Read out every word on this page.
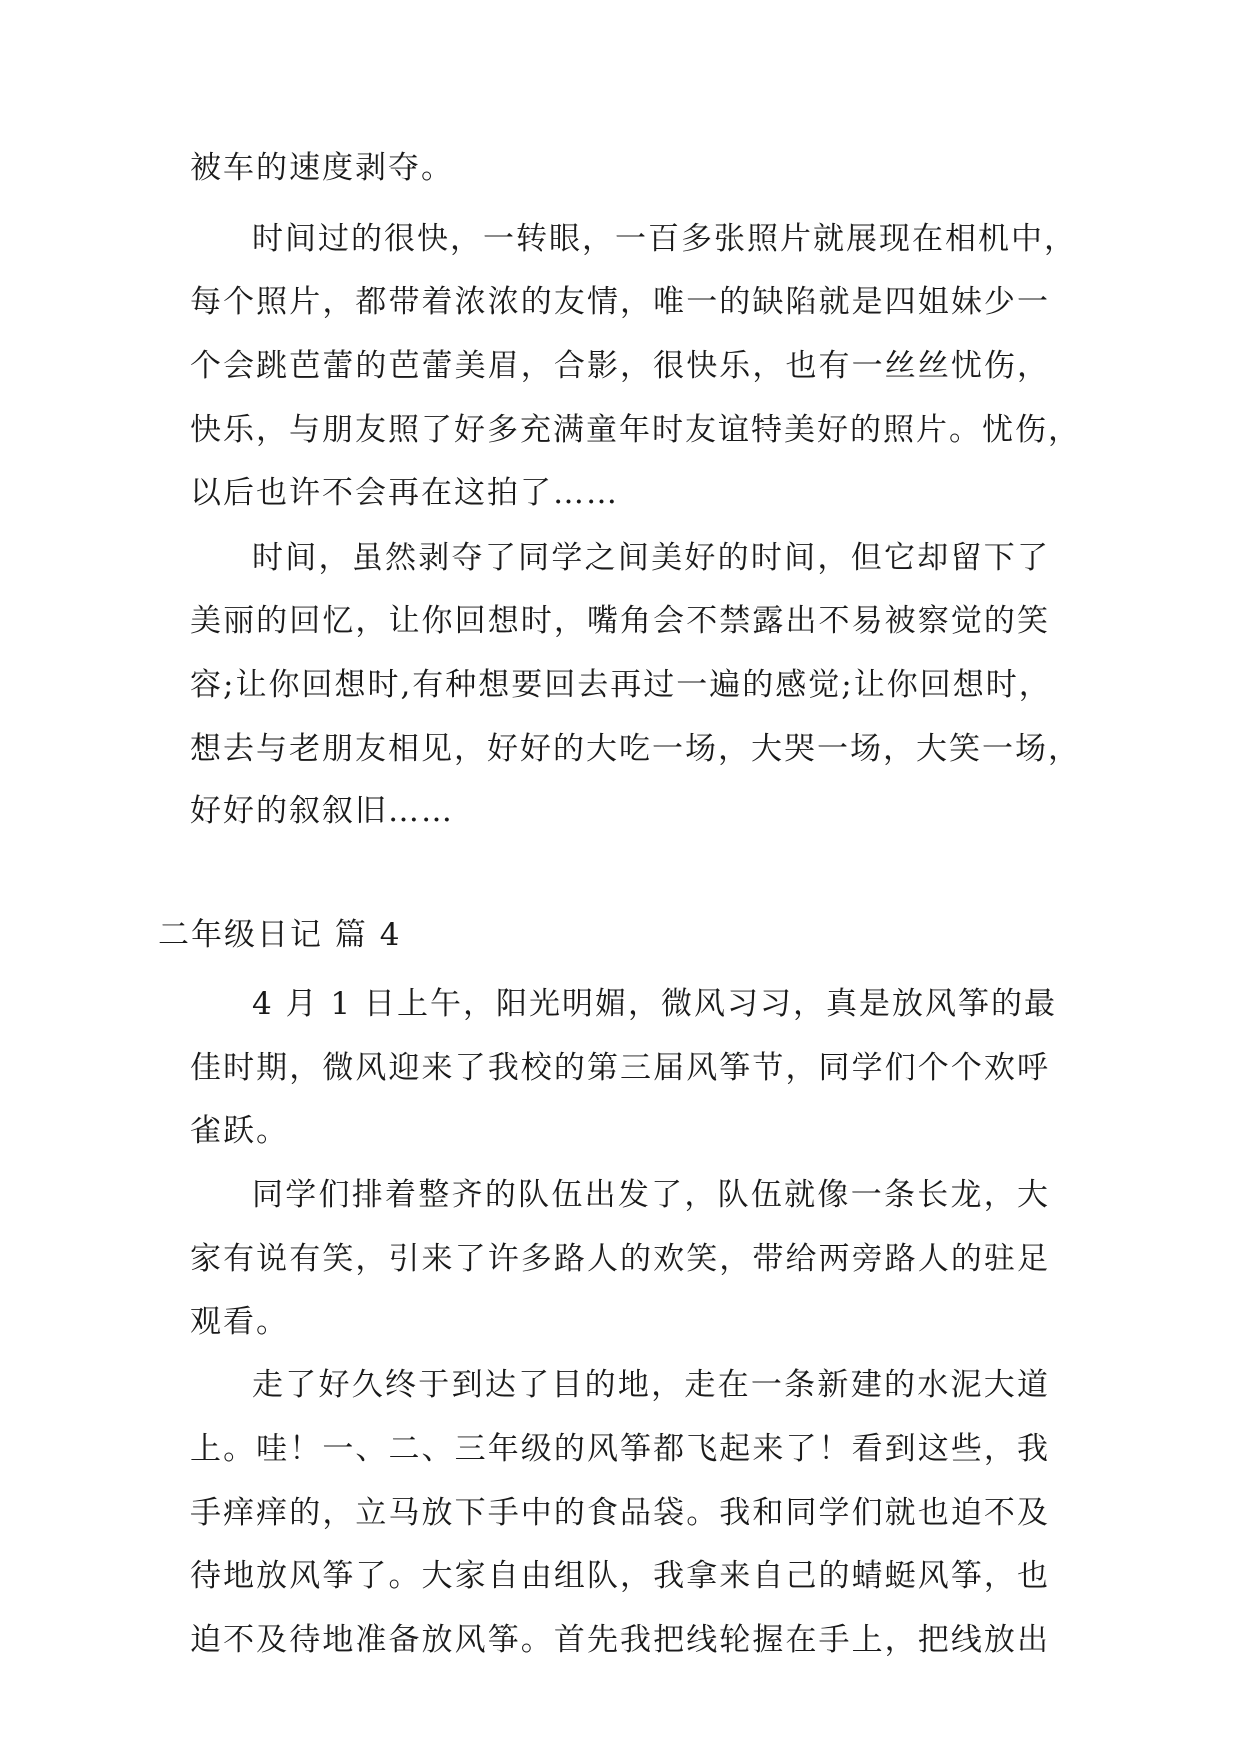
被车的速度剥夺。
时间过的很快，一转眼，一百多张照片就展现在相机中，
每个照片，都带着浓浓的友情，唯一的缺陷就是四姐妹少一
个会跳芭蕾的芭蕾美眉，合影，很快乐，也有一丝丝忧伤，
快乐，与朋友照了好多充满童年时友谊特美好的照片。忧伤，
以后也许不会再在这拍了……
时间，虽然剥夺了同学之间美好的时间，但它却留下了
美丽的回忆，让你回想时，嘴角会不禁露出不易被察觉的笑
容;让你回想时,有种想要回去再过一遍的感觉;让你回想时，
想去与老朋友相见，好好的大吃一场，大哭一场，大笑一场，
好好的叙叙旧……
二年级日记 篇 4
4 月 1 日上午，阳光明媚，微风习习，真是放风筝的最
佳时期，微风迎来了我校的第三届风筝节，同学们个个欢呼
雀跃。
同学们排着整齐的队伍出发了，队伍就像一条长龙，大
家有说有笑，引来了许多路人的欢笑，带给两旁路人的驻足
观看。
走了好久终于到达了目的地，走在一条新建的水泥大道
上。哇！一、二、三年级的风筝都飞起来了！看到这些，我
手痒痒的，立马放下手中的食品袋。我和同学们就也迫不及
待地放风筝了。大家自由组队，我拿来自己的蜻蜓风筝，也
迫不及待地准备放风筝。首先我把线轮握在手上，把线放出
